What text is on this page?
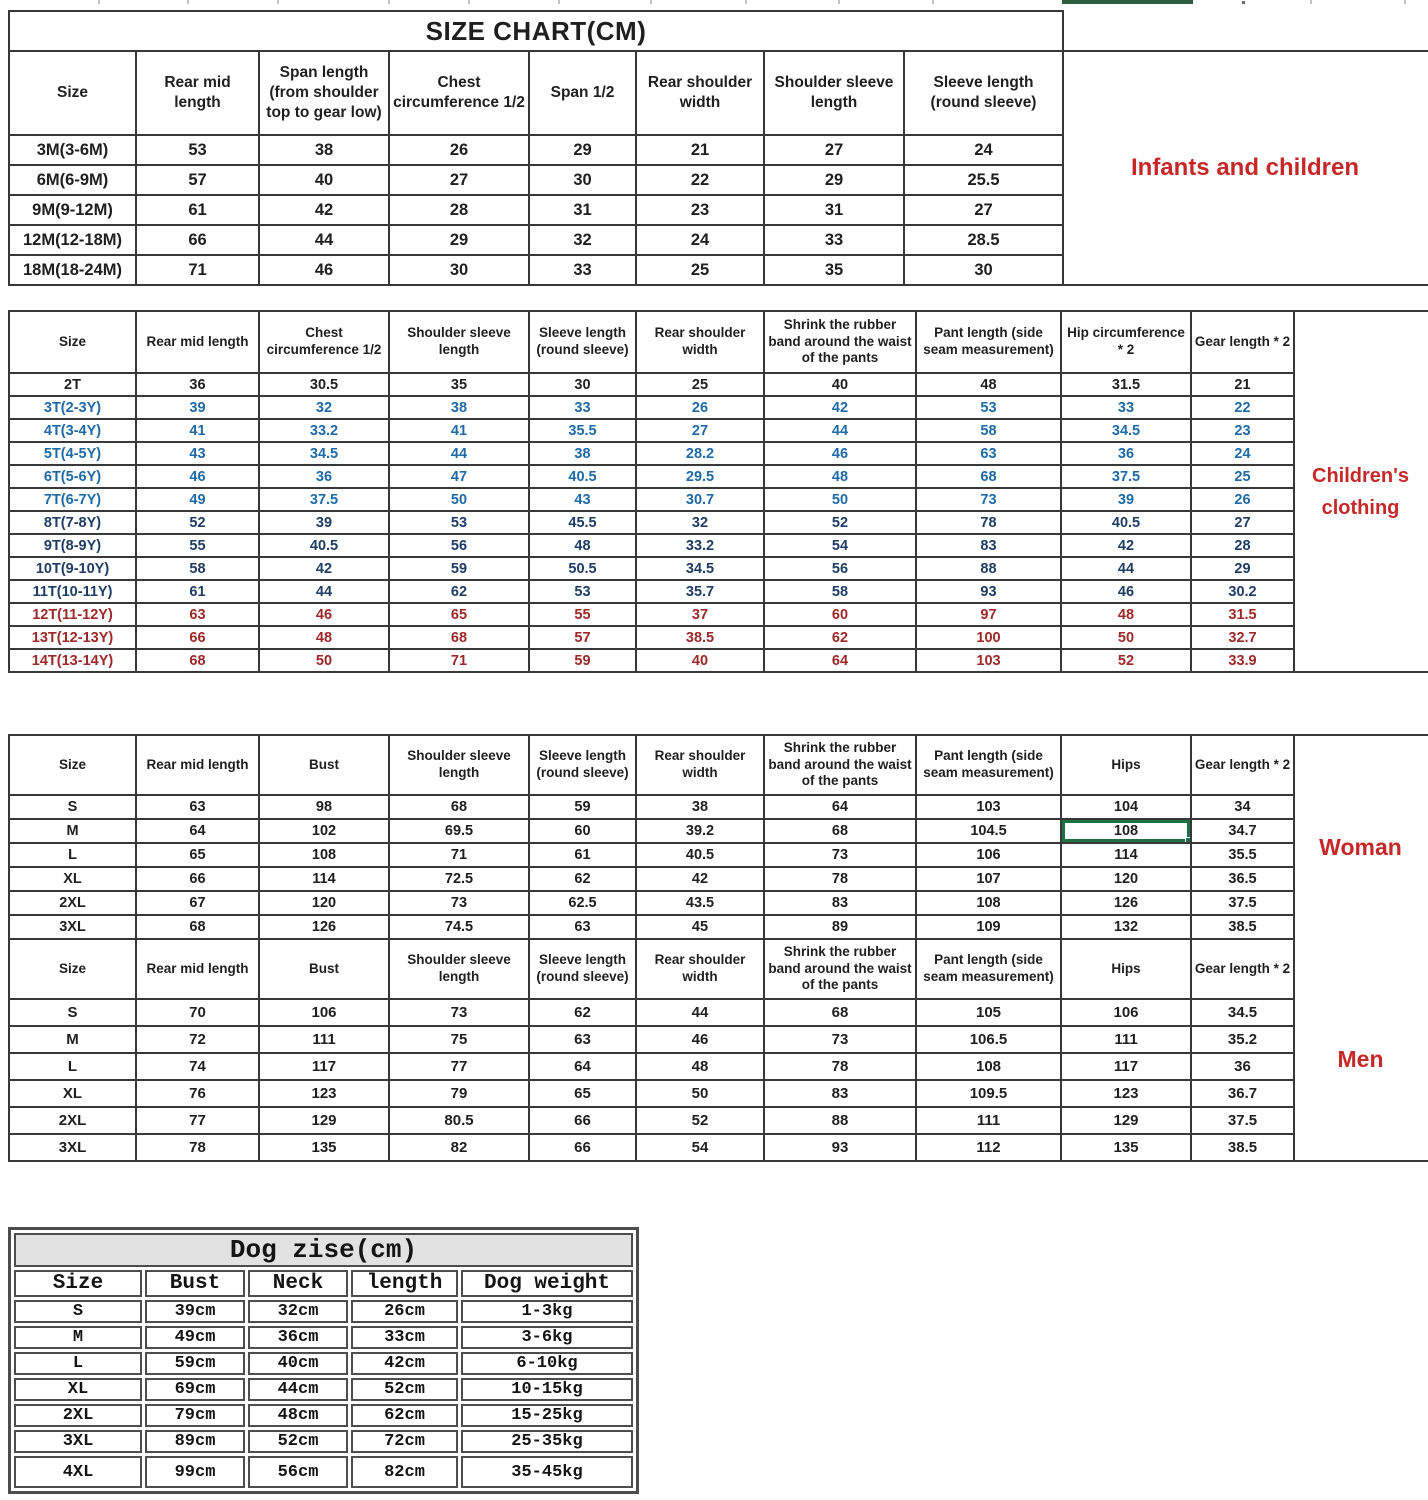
SIZE CHART(CM)							
Size	Rear mid length	Span length (from shoulder top to gear low)	Chest circumference 1/2	Span 1/2	Rear shoulder width	Shoulder sleeve length	Sleeve length (round sleeve)
3M(3-6M)	53	38	26	29	21	27	24
6M(6-9M)	57	40	27	30	22	29	25.5
9M(9-12M)	61	42	28	31	23	31	27
12M(12-18M)	66	44	29	32	24	33	28.5
18M(18-24M)	71	46	30	33	25	35	30
Infants and children
Size	Rear mid length	Chest circumference 1/2	Shoulder sleeve length	Sleeve length (round sleeve)	Rear shoulder width	Shrink the rubber band around the waist of the pants	Pant length (side seam measurement)	Hip circumference * 2	Gear length * 2
2T	36	30.5	35	30	25	40	48	31.5	21
3T(2-3Y)	39	32	38	33	26	42	53	33	22
4T(3-4Y)	41	33.2	41	35.5	27	44	58	34.5	23
5T(4-5Y)	43	34.5	44	38	28.2	46	63	36	24
6T(5-6Y)	46	36	47	40.5	29.5	48	68	37.5	25
7T(6-7Y)	49	37.5	50	43	30.7	50	73	39	26
8T(7-8Y)	52	39	53	45.5	32	52	78	40.5	27
9T(8-9Y)	55	40.5	56	48	33.2	54	83	42	28
10T(9-10Y)	58	42	59	50.5	34.5	56	88	44	29
11T(10-11Y)	61	44	62	53	35.7	58	93	46	30.2
12T(11-12Y)	63	46	65	55	37	60	97	48	31.5
13T(12-13Y)	66	48	68	57	38.5	62	100	50	32.7
14T(13-14Y)	68	50	71	59	40	64	103	52	33.9
Children's clothing
Size	Rear mid length	Bust	Shoulder sleeve length	Sleeve length (round sleeve)	Rear shoulder width	Shrink the rubber band around the waist of the pants	Pant length (side seam measurement)	Hips	Gear length * 2
S	63	98	68	59	38	64	103	104	34
M	64	102	69.5	60	39.2	68	104.5	108	34.7
L	65	108	71	61	40.5	73	106	114	35.5
XL	66	114	72.5	62	42	78	107	120	36.5
2XL	67	120	73	62.5	43.5	83	108	126	37.5
3XL	68	126	74.5	63	45	89	109	132	38.5
Size	Rear mid length	Bust	Shoulder sleeve length	Sleeve length (round sleeve)	Rear shoulder width	Shrink the rubber band around the waist of the pants	Pant length (side seam measurement)	Hips	Gear length * 2
S	70	106	73	62	44	68	105	106	34.5
M	72	111	75	63	46	73	106.5	111	35.2
L	74	117	77	64	48	78	108	117	36
XL	76	123	79	65	50	83	109.5	123	36.7
2XL	77	129	80.5	66	52	88	111	129	37.5
3XL	78	135	82	66	54	93	112	135	38.5
Woman
Men
Dog zise(cm)				
Size	Bust	Neck	length	Dog weight
S	39cm	32cm	26cm	1-3kg
M	49cm	36cm	33cm	3-6kg
L	59cm	40cm	42cm	6-10kg
XL	69cm	44cm	52cm	10-15kg
2XL	79cm	48cm	62cm	15-25kg
3XL	89cm	52cm	72cm	25-35kg
4XL	99cm	56cm	82cm	35-45kg
